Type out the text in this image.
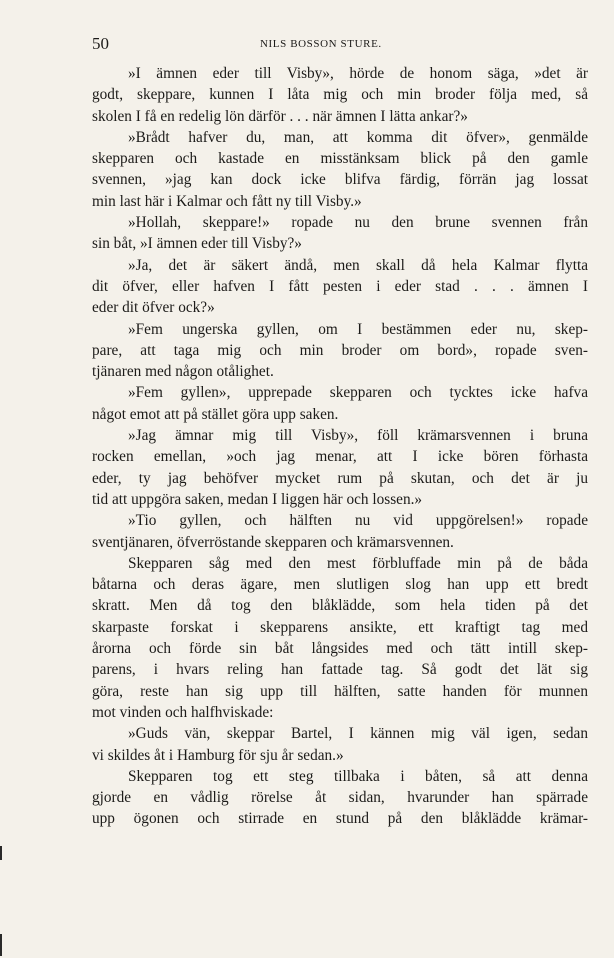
50	NILS BOSSON STURE.

»I ämnen eder till Visby», hörde de honom säga, »det är
godt, skeppare, kunnen I låta mig och min broder följa med, så
skolen I få en redelig lön därför . . . när ämnen I lätta ankar?»

»Brådt hafver du, man, att komma dit öfver», genmälde
skepparen och kastade en misstänksam blick på den gamle
svennen, »jag kan dock icke blifva färdig, förrän jag lossat
min last här i Kalmar och fått ny till Visby.»

»Hollah, skeppare!» ropade nu den brune svennen från
sin båt, »I ämnen eder till Visby?»

»Ja, det är säkert ändå, men skall då hela Kalmar flytta
dit öfver, eller hafven I fått pesten i eder stad . . . ämnen I
eder dit öfver ock?»

»Fem ungerska gyllen, om I bestämmen eder nu, skep-
pare, att taga mig och min broder om bord», ropade sven-
tjänaren med någon otålighet.

»Fem gyllen», upprepade skepparen och tycktes icke hafva
något emot att på stället göra upp saken.

»Jag ämnar mig till Visby», föll krämarsvennen i bruna
rocken emellan, »och jag menar, att I icke bören förhasta
eder, ty jag behöfver mycket rum på skutan, och det är ju
tid att uppgöra saken, medan I liggen här och lossen.»

»Tio gyllen, och hälften nu vid uppgörelsen!» ropade
sventjänaren, öfverröstande skepparen och krämarsvennen.

Skepparen såg med den mest förbluffade min på de båda
båtarna och deras ägare, men slutligen slog han upp ett bredt
skratt. Men då tog den blåklädde, som hela tiden på det
skarpaste forskat i skepparens ansikte, ett kraftigt tag med
årorna och förde sin båt långsides med och tätt intill skep-
parens, i hvars reling han fattade tag. Så godt det lät sig
göra, reste han sig upp till hälften, satte handen för munnen
mot vinden och halfhviskade:

»Guds vän, skeppar Bartel, I kännen mig väl igen, sedan
vi skildes åt i Hamburg för sju år sedan.»

Skepparen tog ett steg tillbaka i båten, så att denna
gjorde en vådlig rörelse åt sidan, hvarunder han spärrade
upp ögonen och stirrade en stund på den blåklädde krämar-
